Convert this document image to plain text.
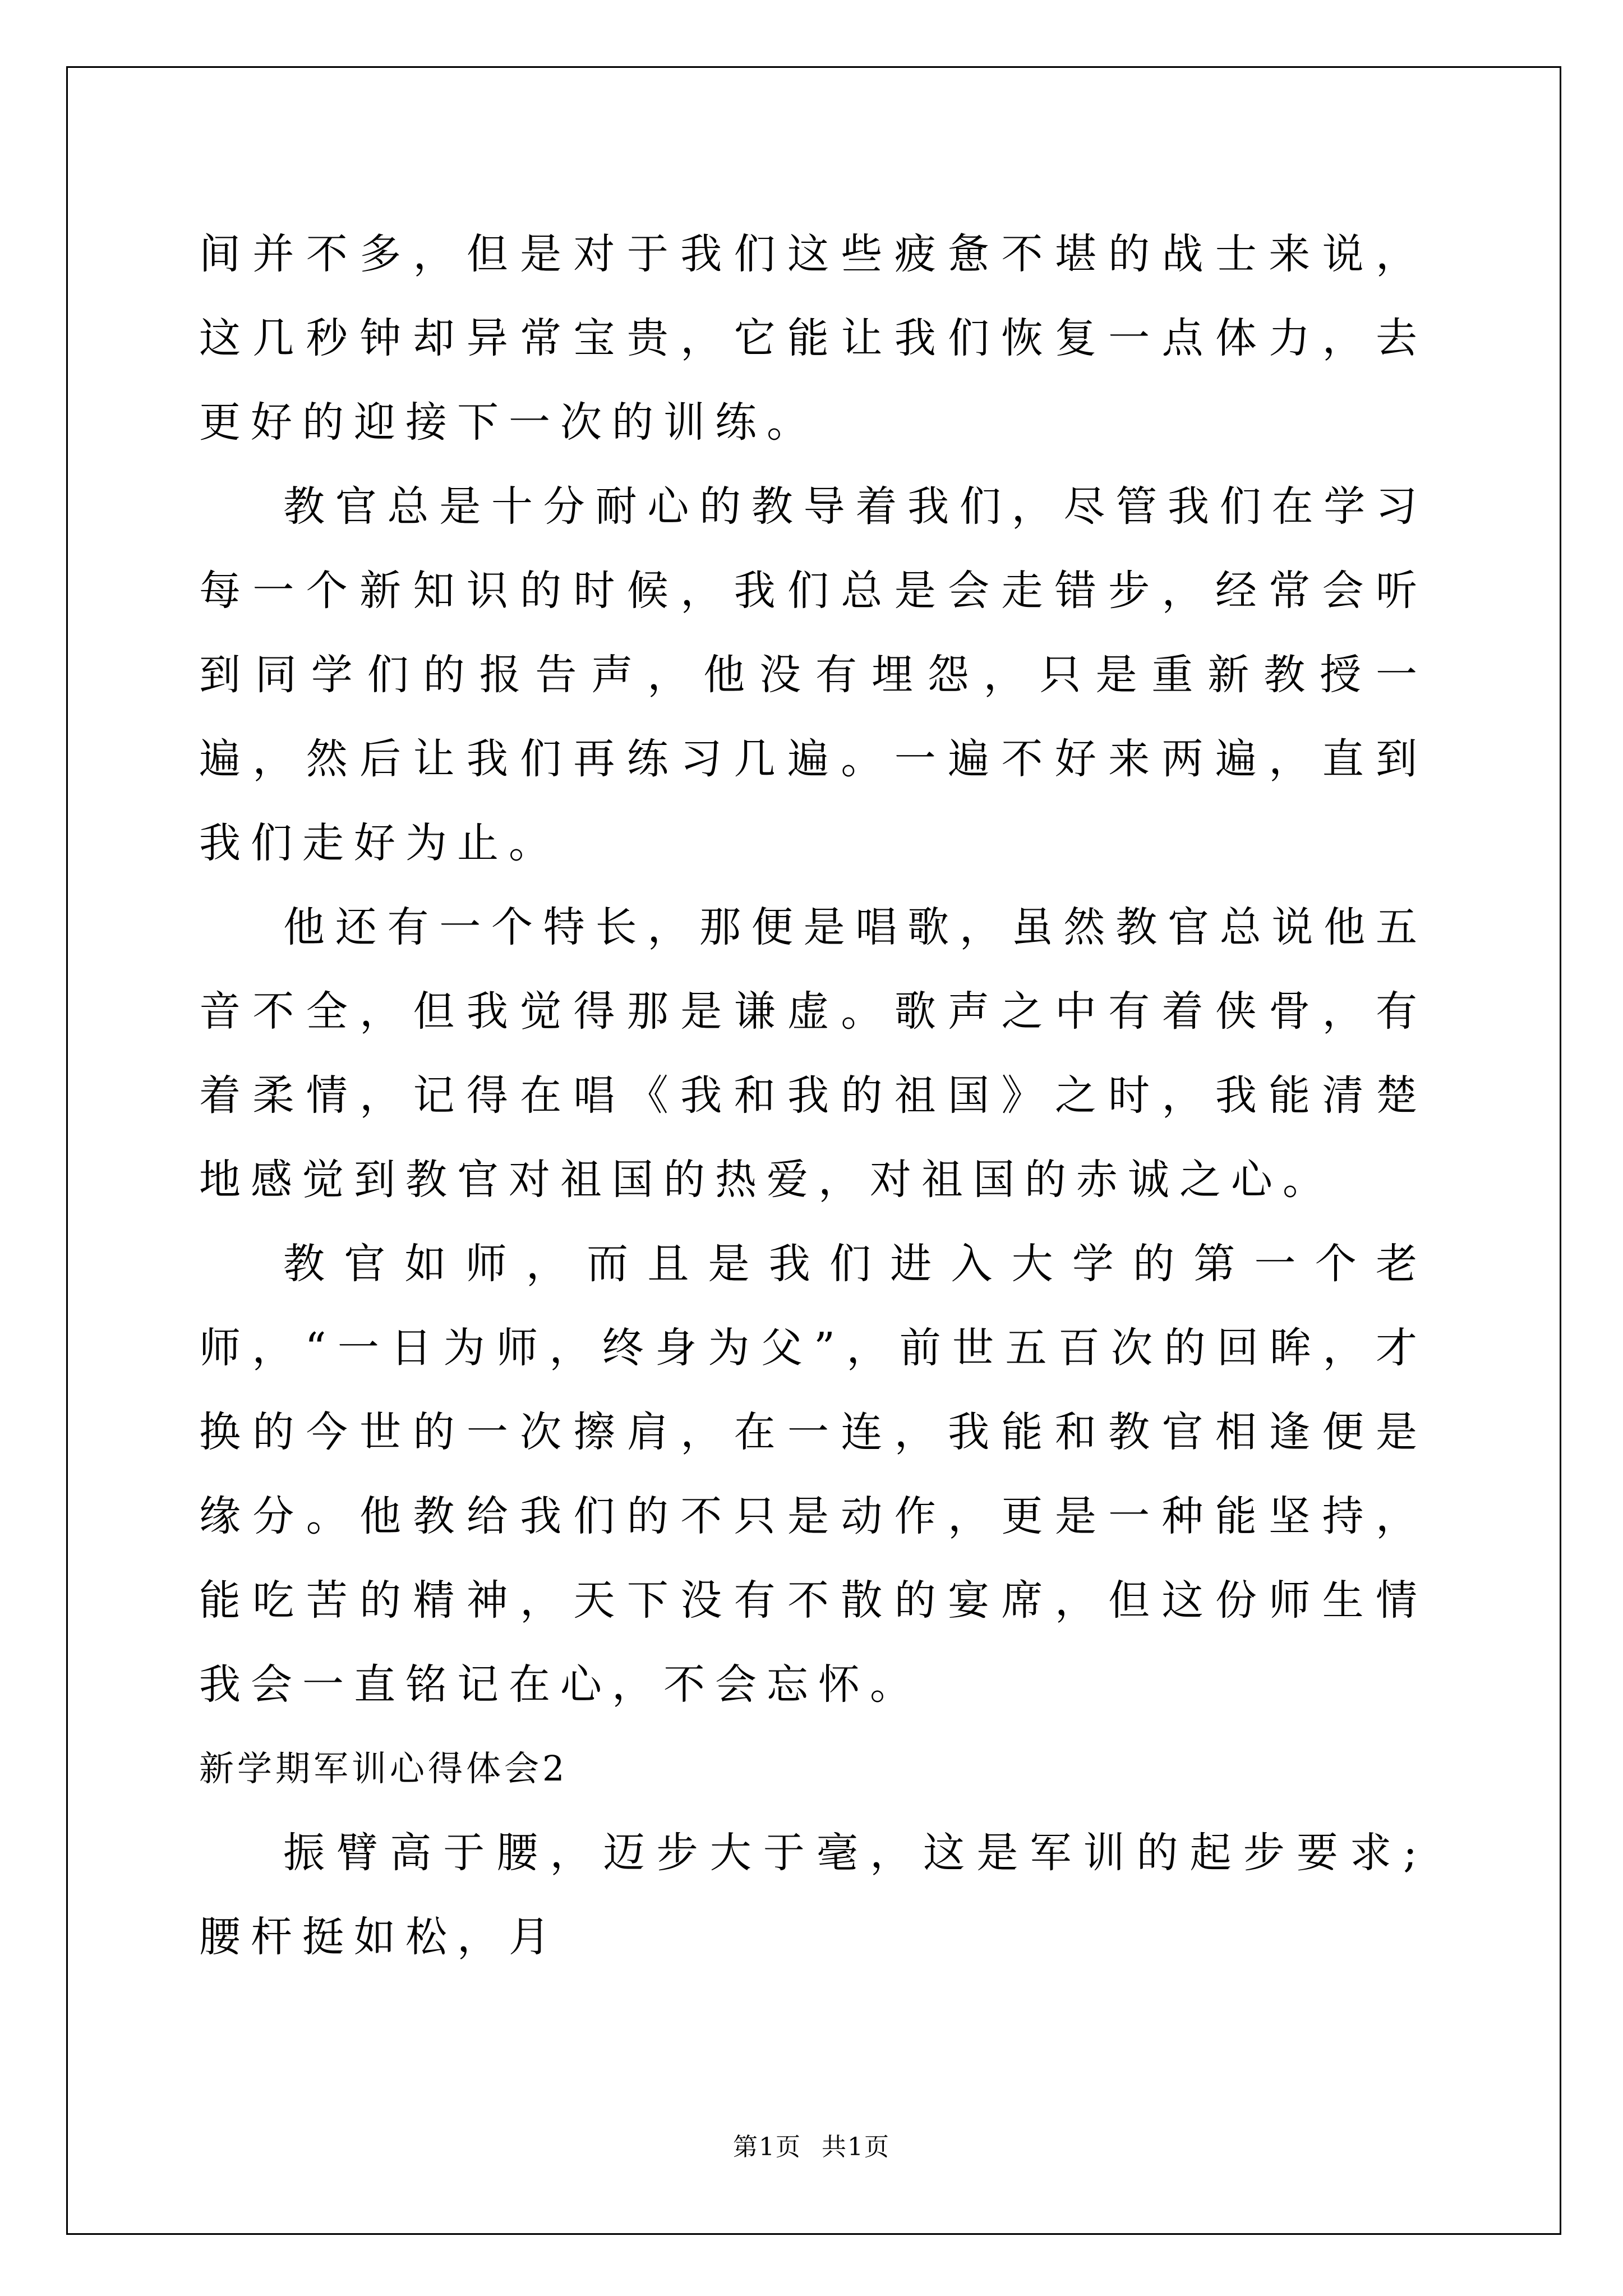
间并不多，但是对于我们这些疲惫不堪的战士来说，这几秒钟却异常宝贵，它能让我们恢复一点体力，去更好的迎接下一次的训练。

教官总是十分耐心的教导着我们，尽管我们在学习每一个新知识的时候，我们总是会走错步，经常会听到同学们的报告声，他没有埋怨，只是重新教授一遍，然后让我们再练习几遍。一遍不好来两遍，直到我们走好为止。

他还有一个特长，那便是唱歌，虽然教官总说他五音不全，但我觉得那是谦虚。歌声之中有着侠骨，有着柔情，记得在唱《我和我的祖国》之时，我能清楚地感觉到教官对祖国的热爱，对祖国的赤诚之心。

教官如师，而且是我们进入大学的第一个老师，“一日为师，终身为父”，前世五百次的回眸，才换的今世的一次擦肩，在一连，我能和教官相逢便是缘分。他教给我们的不只是动作，更是一种能坚持，能吃苦的精神，天下没有不散的宴席，但这份师生情我会一直铭记在心，不会忘怀。

新学期军训心得体会2

振臂高于腰，迈步大于毫，这是军训的起步要求;腰杆挺如松，月

第1页 共1页
